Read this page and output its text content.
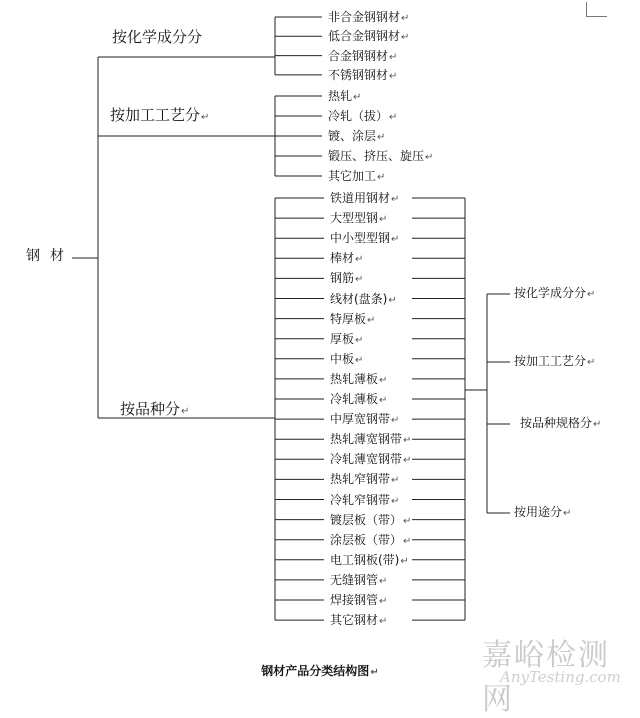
按化学成分分
非合金钢钢材↵
低合金钢钢材↵
合金钢钢材↵
不锈钢钢材↵
按加工工艺分↵
热轧↵
冷轧（拔）↵
镀、涂层↵
锻压、挤压、旋压↵
其它加工↵
按品种分↵
铁道用钢材↵
大型型钢↵
中小型型钢↵
棒材↵
钢筋↵
线材(盘条)↵
特厚板↵
厚板↵
中板↵
热轧薄板↵
冷轧薄板↵
中厚宽钢带↵
热轧薄宽钢带↵
冷轧薄宽钢带↵
热轧窄钢带↵
冷轧窄钢带↵
镀层板（带）↵
涂层板（带）↵
电工钢板(带)↵
无缝钢管↵
焊接钢管↵
其它钢材↵
按化学成分分↵
按加工工艺分↵
按品种规格分↵
按用途分↵
钢材
钢材产品分类结构图↵	嘉峪检测网
AnyTesting.com
